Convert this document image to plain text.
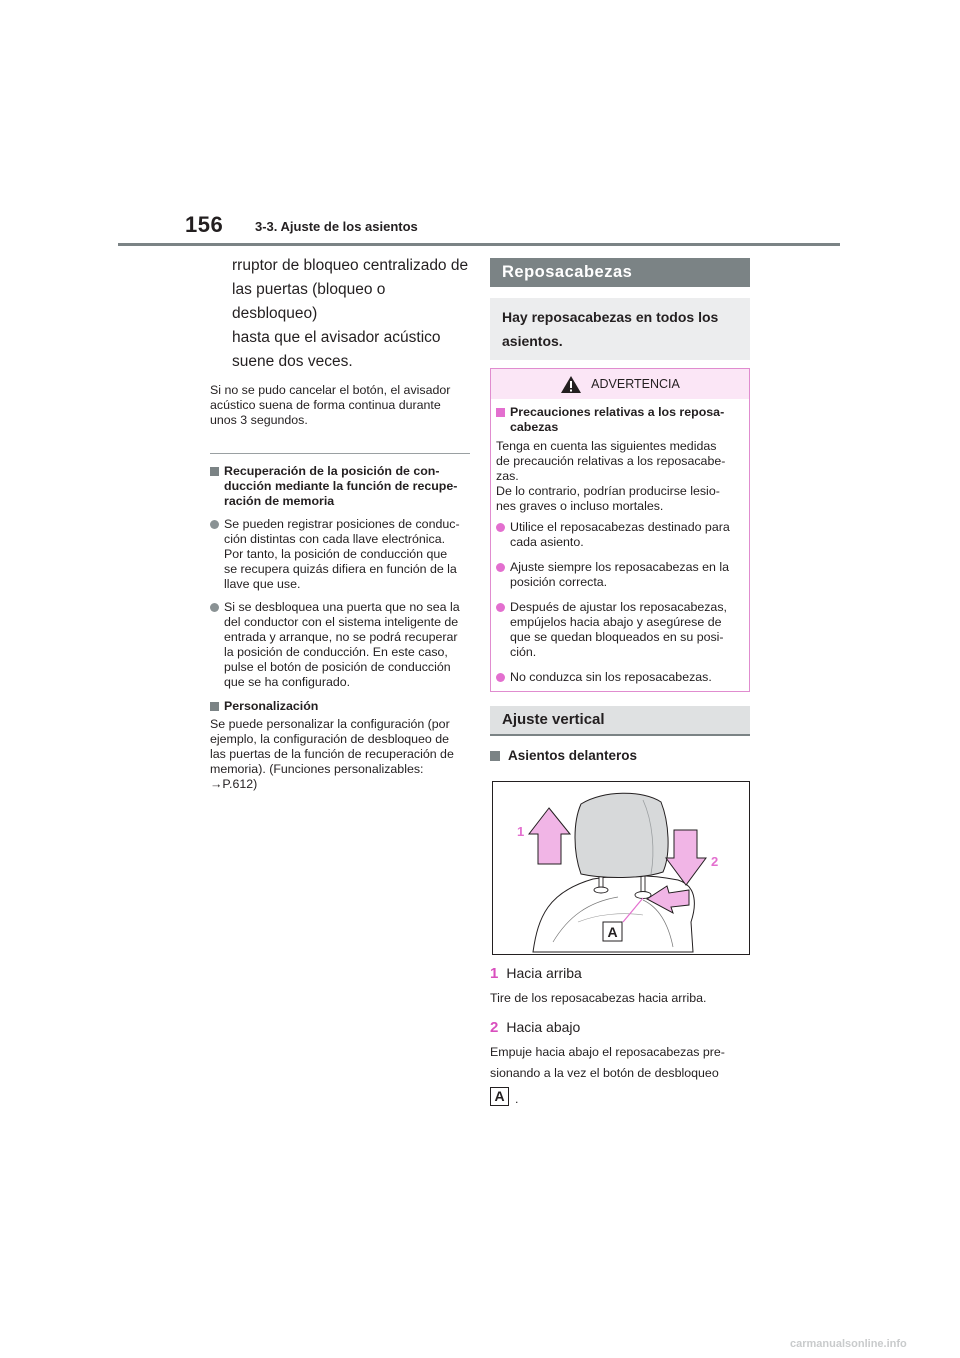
156 3-3. Ajuste de los asientos

rruptor de bloqueo centralizado de
las puertas (bloqueo o desbloqueo)
hasta que el avisador acústico
suene dos veces.

Si no se pudo cancelar el botón, el avisador
acústico suena de forma continua durante
unos 3 segundos.

Recuperación de la posición de con-
ducción mediante la función de recupe-
ración de memoria

Se pueden registrar posiciones de conduc-
ción distintas con cada llave electrónica.
Por tanto, la posición de conducción que
se recupera quizás difiera en función de la
llave que use.

Si se desbloquea una puerta que no sea la
del conductor con el sistema inteligente de
entrada y arranque, no se podrá recuperar
la posición de conducción. En este caso,
pulse el botón de posición de conducción
que se ha configurado.

Personalización

Se puede personalizar la configuración (por
ejemplo, la configuración de desbloqueo de
las puertas de la función de recuperación de
memoria). (Funciones personalizables:
→P.612)

Reposacabezas
Hay reposacabezas en todos los
asientos.
ADVERTENCIA

Precauciones relativas a los reposa-
cabezas

Tenga en cuenta las siguientes medidas
de precaución relativas a los reposacabe-
zas.
De lo contrario, podrían producirse lesio-
nes graves o incluso mortales.

Utilice el reposacabezas destinado para
cada asiento.

Ajuste siempre los reposacabezas en la
posición correcta.

Después de ajustar los reposacabezas,
empújelos hacia abajo y asegúrese de
que se quedan bloqueados en su posi-
ción.

No conduzca sin los reposacabezas.

Ajuste vertical
Asientos delanteros
1
2
A
1 Hacia arriba

Tire de los reposacabezas hacia arriba.

2 Hacia abajo

Empuje hacia abajo el reposacabezas pre-
sionando a la vez el botón de desbloqueo

A .
carmanualsonline.info
